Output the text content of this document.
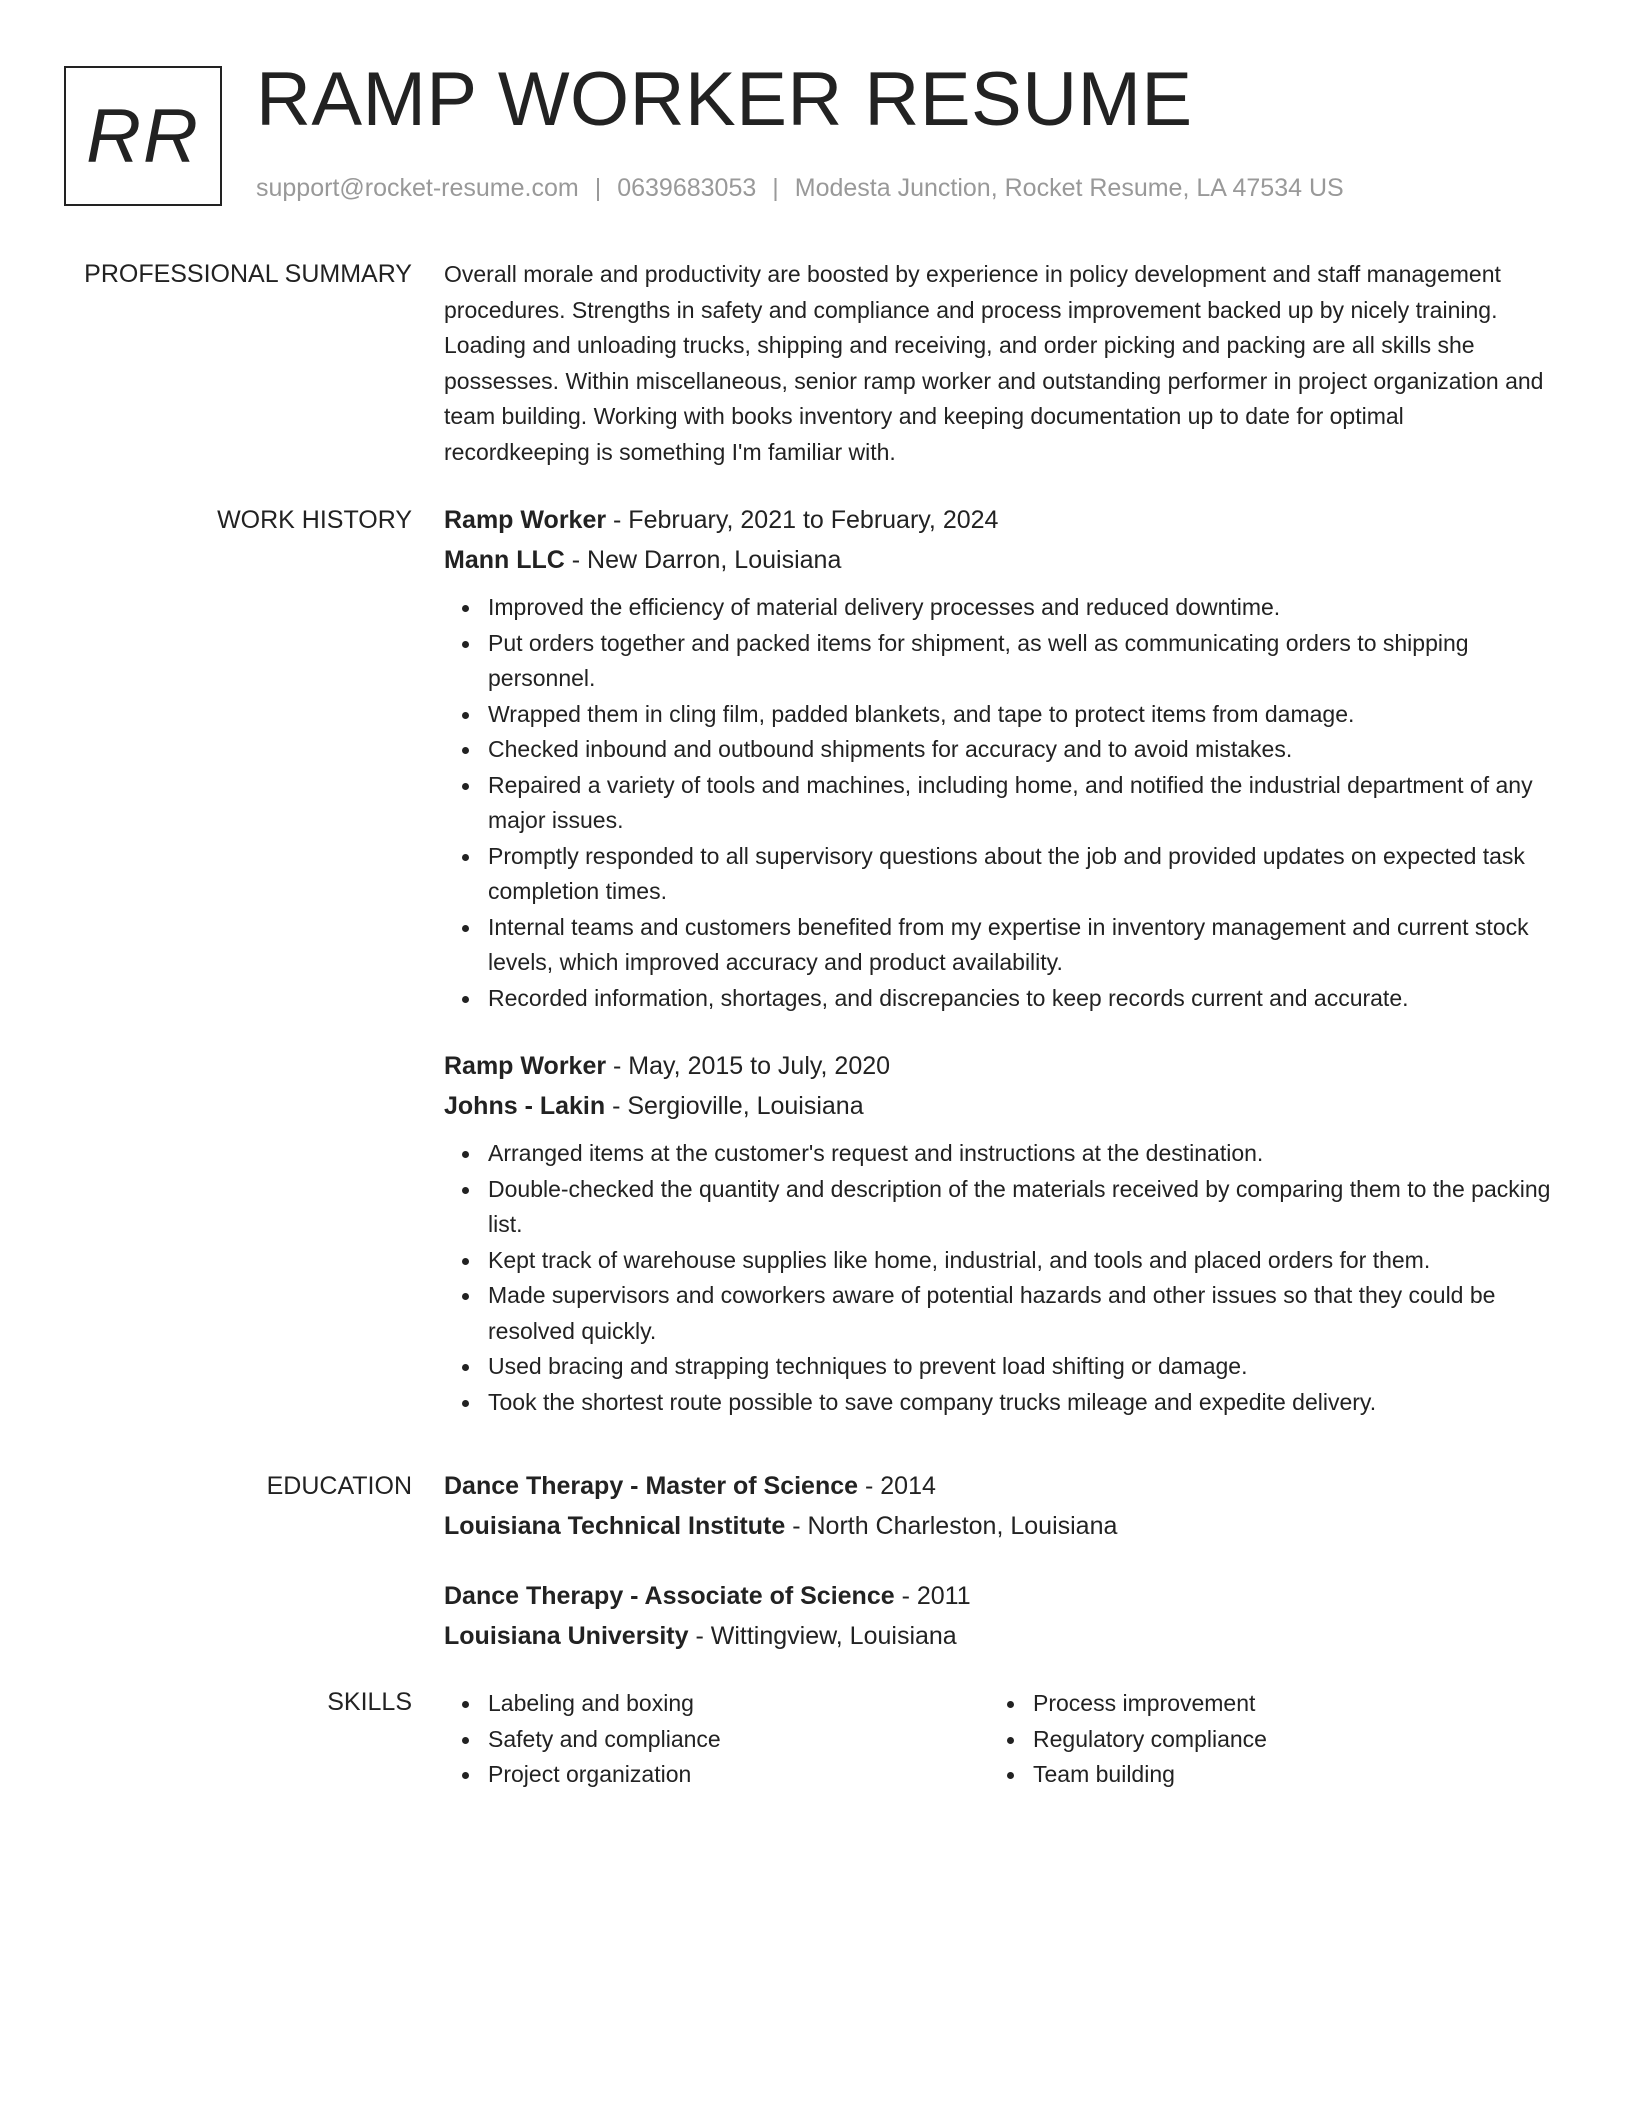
RR RAMP WORKER RESUME
support@rocket-resume.com | 0639683053 | Modesta Junction, Rocket Resume, LA 47534 US
PROFESSIONAL SUMMARY Overall morale and productivity are boosted by experience in policy development and staff management procedures. Strengths in safety and compliance and process improvement backed up by nicely training. Loading and unloading trucks, shipping and receiving, and order picking and packing are all skills she possesses. Within miscellaneous, senior ramp worker and outstanding performer in project organization and team building. Working with books inventory and keeping documentation up to date for optimal recordkeeping is something I'm familiar with.

WORK HISTORY Ramp Worker - February, 2021 to February, 2024

Mann LLC - New Darron, Louisiana

Improved the efficiency of material delivery processes and reduced downtime.
Put orders together and packed items for shipment, as well as communicating orders to shipping personnel.
Wrapped them in cling film, padded blankets, and tape to protect items from damage.
Checked inbound and outbound shipments for accuracy and to avoid mistakes.
Repaired a variety of tools and machines, including home, and notified the industrial department of any major issues.
Promptly responded to all supervisory questions about the job and provided updates on expected task completion times.
Internal teams and customers benefited from my expertise in inventory management and current stock levels, which improved accuracy and product availability.
Recorded information, shortages, and discrepancies to keep records current and accurate.

Ramp Worker - May, 2015 to July, 2020

Johns - Lakin - Sergioville, Louisiana

Arranged items at the customer's request and instructions at the destination.
Double-checked the quantity and description of the materials received by comparing them to the packing list.
Kept track of warehouse supplies like home, industrial, and tools and placed orders for them.
Made supervisors and coworkers aware of potential hazards and other issues so that they could be resolved quickly.
Used bracing and strapping techniques to prevent load shifting or damage.
Took the shortest route possible to save company trucks mileage and expedite delivery.
EDUCATION Dance Therapy - Master of Science - 2014

Louisiana Technical Institute - North Charleston, Louisiana

Dance Therapy - Associate of Science - 2011

Louisiana University - Wittingview, Louisiana

SKILLS	Labeling and boxing
Safety and compliance
Project organization
Process improvement
Regulatory compliance
Team building
